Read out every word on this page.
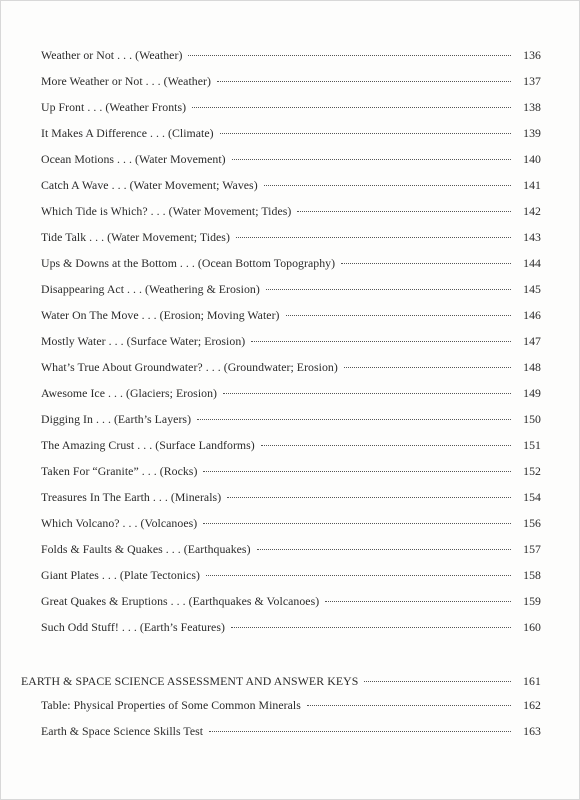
Weather or Not . . . (Weather)	136
More Weather or Not . . . (Weather)	137
Up Front . . . (Weather Fronts)	138
It Makes A Difference . . . (Climate)	139
Ocean Motions . . . (Water Movement)	140
Catch A Wave . . . (Water Movement; Waves)	141
Which Tide is Which? . . . (Water Movement; Tides)	142
Tide Talk . . . (Water Movement; Tides)	143
Ups & Downs at the Bottom . . . (Ocean Bottom Topography)	144
Disappearing Act . . . (Weathering & Erosion)	145
Water On The Move . . . (Erosion; Moving Water)	146
Mostly Water . . . (Surface Water; Erosion)	147
What’s True About Groundwater? . . . (Groundwater; Erosion)	148
Awesome Ice . . . (Glaciers; Erosion)	149
Digging In . . . (Earth’s Layers)	150
The Amazing Crust . . . (Surface Landforms)	151
Taken For “Granite” . . . (Rocks)	152
Treasures In The Earth . . . (Minerals)	154
Which Volcano? . . . (Volcanoes)	156
Folds & Faults & Quakes . . . (Earthquakes)	157
Giant Plates . . . (Plate Tectonics)	158
Great Quakes & Eruptions . . . (Earthquakes & Volcanoes)	159
Such Odd Stuff! . . . (Earth’s Features)	160
EARTH & SPACE SCIENCE ASSESSMENT AND ANSWER KEYS	161
Table: Physical Properties of Some Common Minerals	162
Earth & Space Science Skills Test	163
